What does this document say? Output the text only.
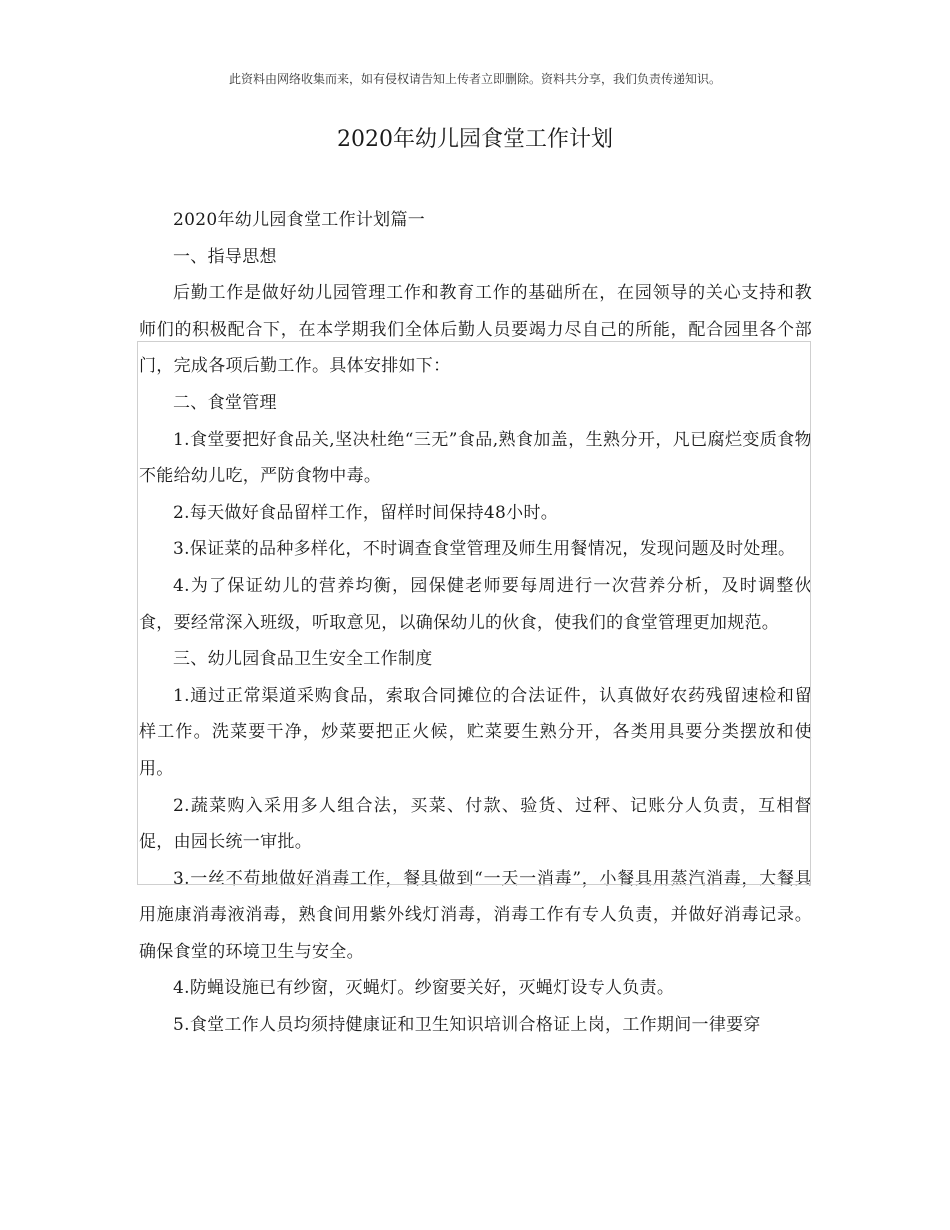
此资料由网络收集而来，如有侵权请告知上传者立即删除。资料共分享，我们负责传递知识。
2020年幼儿园食堂工作计划

2020年幼儿园食堂工作计划篇一

一、指导思想

后勤工作是做好幼儿园管理工作和教育工作的基础所在，在园领导的关心支持和教师们的积极配合下，在本学期我们全体后勤人员要竭力尽自己的所能，配合园里各个部门，完成各项后勤工作。具体安排如下：

二、食堂管理

1.食堂要把好食品关,坚决杜绝“三无”食品,熟食加盖，生熟分开，凡已腐烂变质食物不能给幼儿吃，严防食物中毒。

2.每天做好食品留样工作，留样时间保持48小时。

3.保证菜的品种多样化，不时调查食堂管理及师生用餐情况，发现问题及时处理。

4.为了保证幼儿的营养均衡，园保健老师要每周进行一次营养分析，及时调整伙食，要经常深入班级，听取意见，以确保幼儿的伙食，使我们的食堂管理更加规范。

三、幼儿园食品卫生安全工作制度

1.通过正常渠道采购食品，索取合同摊位的合法证件，认真做好农药残留速检和留样工作。洗菜要干净，炒菜要把正火候，贮菜要生熟分开，各类用具要分类摆放和使用。

2.蔬菜购入采用多人组合法，买菜、付款、验货、过秤、记账分人负责，互相督促，由园长统一审批。

3.一丝不苟地做好消毒工作，餐具做到“一天一消毒”，小餐具用蒸汽消毒，大餐具用施康消毒液消毒，熟食间用紫外线灯消毒，消毒工作有专人负责，并做好消毒记录。确保食堂的环境卫生与安全。

4.防蝇设施已有纱窗，灭蝇灯。纱窗要关好，灭蝇灯设专人负责。

5.食堂工作人员均须持健康证和卫生知识培训合格证上岗，工作期间一律要穿
